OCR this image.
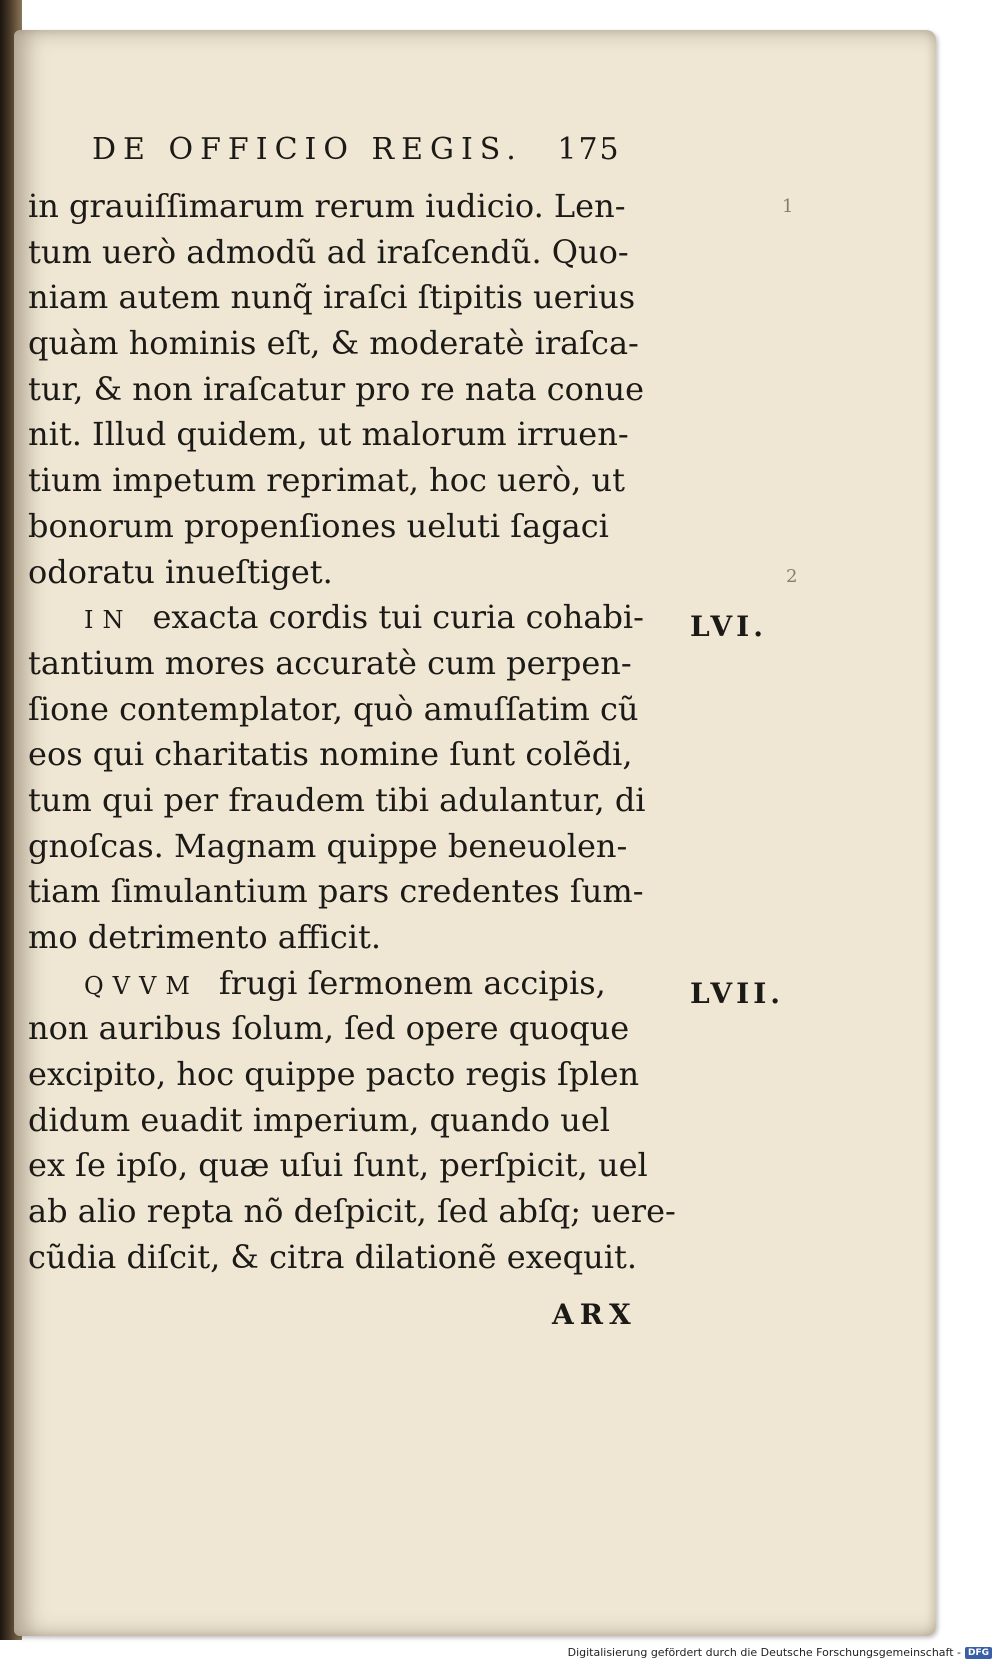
DE OFFICIO REGIS. 175
in grauiſſimarum rerum iudicio. Len-
tum uerò admodũ ad iraſcendũ. Quo-
niam autem nunq̃ iraſci ſtipitis uerius
quàm hominis eſt, & moderatè iraſca-
tur, & non iraſcatur pro re nata conue
nit. Illud quidem, ut malorum irruen-
tium impetum reprimat, hoc uerò, ut
bonorum propenſiones ueluti ſagaci
odoratu inueſtiget.
IN exacta cordis tui curia cohabi-
tantium mores accuratè cum perpen-
ſione contemplator, quò amuſſatim cũ
eos qui charitatis nomine ſunt colẽdi,
tum qui per fraudem tibi adulantur, di
gnoſcas. Magnam quippe beneuolen-
tiam ſimulantium pars credentes ſum-
mo detrimento afficit.
QVVM frugi ſermonem accipis,
non auribus ſolum, ſed opere quoque
excipito, hoc quippe pacto regis ſplen
didum euadit imperium, quando uel
ex ſe ipſo, quæ uſui ſunt, perſpicit, uel
ab alio repta nõ deſpicit, ſed abſq; uere-
cũdia diſcit, & citra dilationẽ exequit.
ARX
1
2
LVI.
LVII.
Digitalisierung gefördert durch die Deutsche Forschungsgemeinschaft - DFG
